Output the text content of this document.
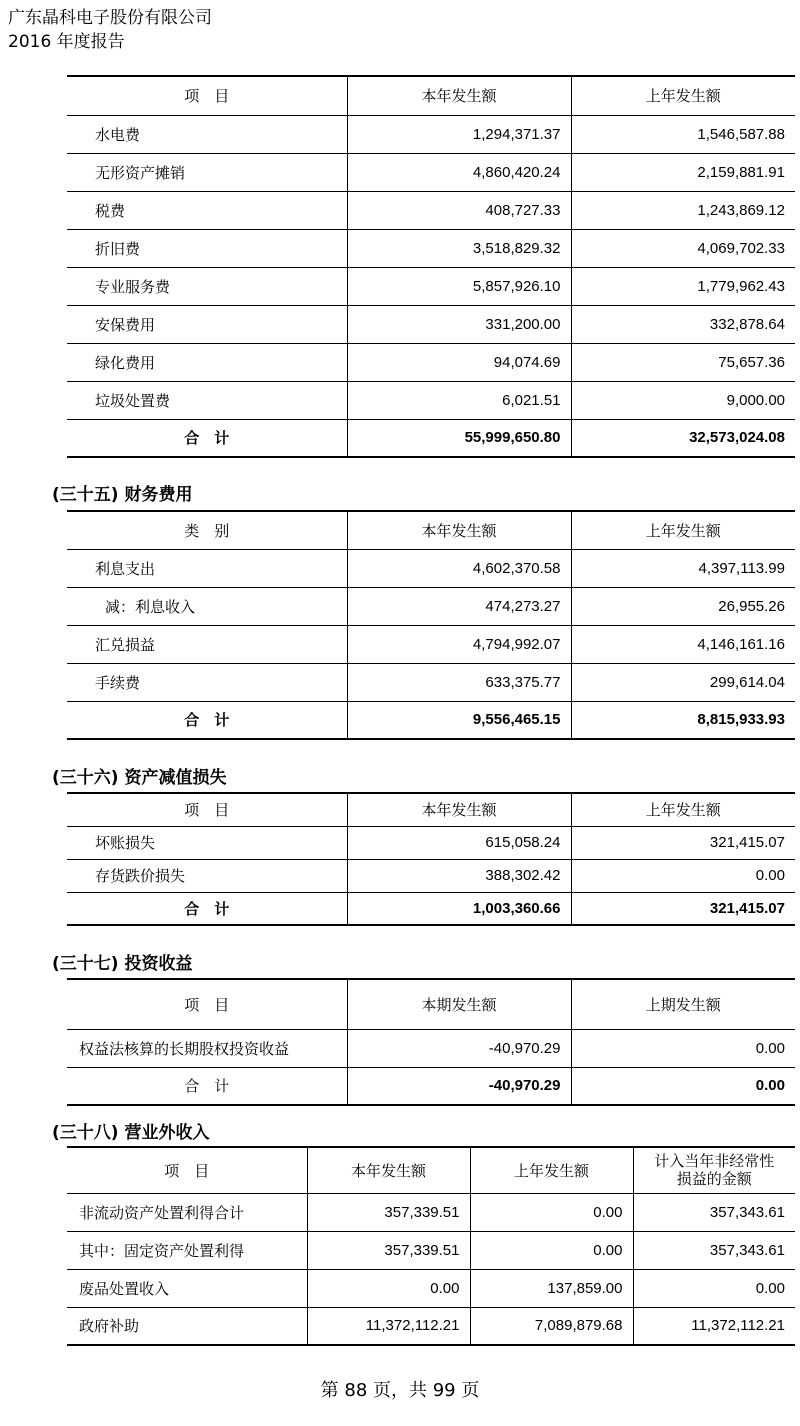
广东晶科电子股份有限公司
2016 年度报告
项　目	本年发生额	上年发生额
水电费	1,294,371.37	1,546,587.88
无形资产摊销	4,860,420.24	2,159,881.91
税费	408,727.33	1,243,869.12
折旧费	3,518,829.32	4,069,702.33
专业服务费	5,857,926.10	1,779,962.43
安保费用	331,200.00	332,878.64
绿化费用	94,074.69	75,657.36
垃圾处置费	6,021.51	9,000.00
合　计	55,999,650.80	32,573,024.08
(三十五) 财务费用
类　别	本年发生额	上年发生额
利息支出	4,602,370.58	4,397,113.99
减：利息收入	474,273.27	26,955.26
汇兑损益	4,794,992.07	4,146,161.16
手续费	633,375.77	299,614.04
合　计	9,556,465.15	8,815,933.93
(三十六) 资产减值损失
项　目	本年发生额	上年发生额
坏账损失	615,058.24	321,415.07
存货跌价损失	388,302.42	0.00
合　计	1,003,360.66	321,415.07
(三十七) 投资收益
项　目	本期发生额	上期发生额
权益法核算的长期股权投资收益	-40,970.29	0.00
合　计	-40,970.29	0.00
(三十八) 营业外收入
项　目	本年发生额	上年发生额	计入当年非经常性
损益的金额

非流动资产处置利得合计	357,339.51	0.00	357,343.61
其中：固定资产处置利得	357,339.51	0.00	357,343.61
废品处置收入	0.00	137,859.00	0.00
政府补助	11,372,112.21	7,089,879.68	11,372,112.21
第 88 页，共 99 页
